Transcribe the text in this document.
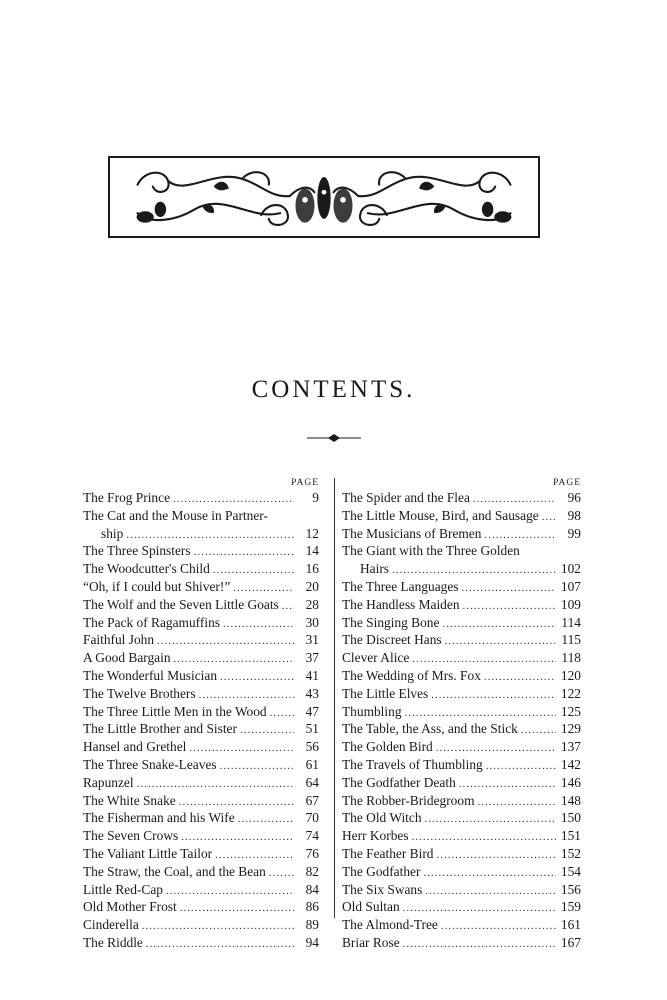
CONTENTS.
PAGE
The Frog Prince .....	9
The Cat and the Mouse in Partner-
ship .....	12
The Three Spinsters .....	14
The Woodcutter's Child .....	16
“Oh, if I could but Shiver!” .....	20
The Wolf and the Seven Little Goats .....	28
The Pack of Ragamuffins .....	30
Faithful John .....	31
A Good Bargain .....	37
The Wonderful Musician .....	41
The Twelve Brothers .....	43
The Three Little Men in the Wood .....	47
The Little Brother and Sister .....	51
Hansel and Grethel .....	56
The Three Snake-Leaves .....	61
Rapunzel .....	64
The White Snake .....	67
The Fisherman and his Wife .....	70
The Seven Crows .....	74
The Valiant Little Tailor .....	76
The Straw, the Coal, and the Bean .....	82
Little Red-Cap .....	84
Old Mother Frost .....	86
Cinderella .....	89
The Riddle .....	94
PAGE
The Spider and the Flea .....	96
The Little Mouse, Bird, and Sausage .....	98
The Musicians of Bremen .....	99
The Giant with the Three Golden
Hairs .....	102
The Three Languages .....	107
The Handless Maiden .....	109
The Singing Bone .....	114
The Discreet Hans .....	115
Clever Alice .....	118
The Wedding of Mrs. Fox .....	120
The Little Elves .....	122
Thumbling .....	125
The Table, the Ass, and the Stick .....	129
The Golden Bird .....	137
The Travels of Thumbling .....	142
The Godfather Death .....	146
The Robber-Bridegroom .....	148
The Old Witch .....	150
Herr Korbes .....	151
The Feather Bird .....	152
The Godfather .....	154
The Six Swans .....	156
Old Sultan .....	159
The Almond-Tree .....	161
Briar Rose .....	167
